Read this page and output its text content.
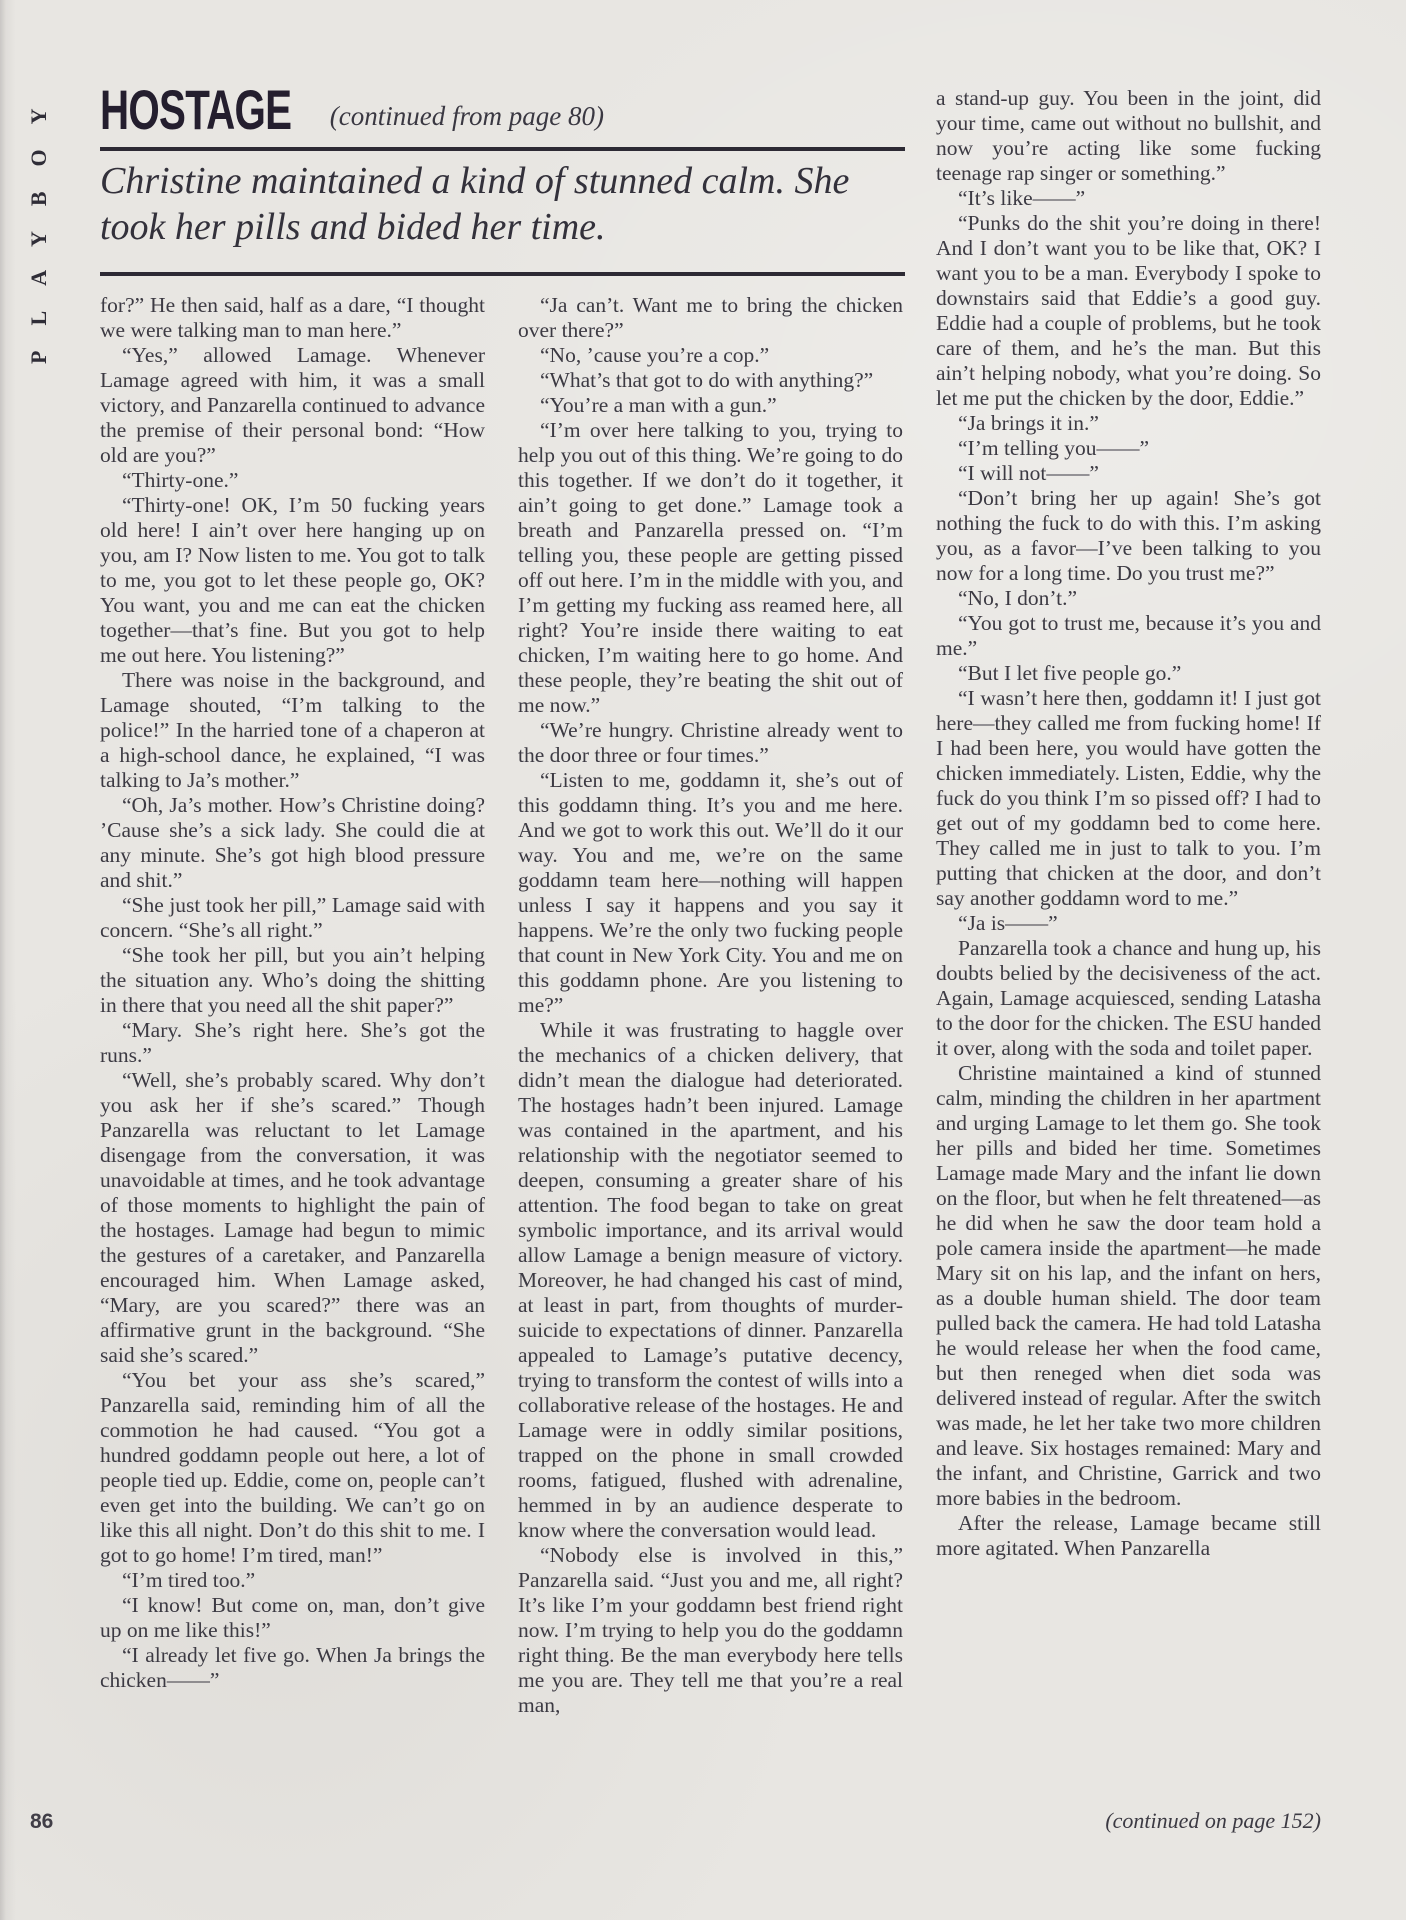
PLAYBOY HOSTAGE (continued from page 80)
Christine maintained a kind of stunned calm. She
took her pills and bided her time.

for?” He then said, half as a dare, “I thought we were talking man to man here.”

“Yes,” allowed Lamage. Whenever Lamage agreed with him, it was a small victory, and Panzarella continued to advance the premise of their personal bond: “How old are you?”

“Thirty-one.”

“Thirty-one! OK, I’m 50 fucking years old here! I ain’t over here hanging up on you, am I? Now listen to me. You got to talk to me, you got to let these people go, OK? You want, you and me can eat the chicken together—that’s fine. But you got to help me out here. You listening?”

There was noise in the background, and Lamage shouted, “I’m talking to the police!” In the harried tone of a chaperon at a high-school dance, he explained, “I was talking to Ja’s mother.”

“Oh, Ja’s mother. How’s Christine doing? ’Cause she’s a sick lady. She could die at any minute. She’s got high blood pressure and shit.”

“She just took her pill,” Lamage said with concern. “She’s all right.”

“She took her pill, but you ain’t helping the situation any. Who’s doing the shitting in there that you need all the shit paper?”

“Mary. She’s right here. She’s got the runs.”

“Well, she’s probably scared. Why don’t you ask her if she’s scared.” Though Panzarella was reluctant to let Lamage disengage from the conversation, it was unavoidable at times, and he took advantage of those moments to highlight the pain of the hostages. Lamage had begun to mimic the gestures of a caretaker, and Panzarella encouraged him. When Lamage asked, “Mary, are you scared?” there was an affirmative grunt in the background. “She said she’s scared.”

“You bet your ass she’s scared,” Panzarella said, reminding him of all the commotion he had caused. “You got a hundred goddamn people out here, a lot of people tied up. Eddie, come on, people can’t even get into the building. We can’t go on like this all night. Don’t do this shit to me. I got to go home! I’m tired, man!”

“I’m tired too.”

“I know! But come on, man, don’t give up on me like this!”

“I already let five go. When Ja brings the chicken——”

“Ja can’t. Want me to bring the chicken over there?”

“No, ’cause you’re a cop.”

“What’s that got to do with anything?”

“You’re a man with a gun.”

“I’m over here talking to you, trying to help you out of this thing. We’re going to do this together. If we don’t do it together, it ain’t going to get done.” Lamage took a breath and Panzarella pressed on. “I’m telling you, these people are getting pissed off out here. I’m in the middle with you, and I’m getting my fucking ass reamed here, all right? You’re inside there waiting to eat chicken, I’m waiting here to go home. And these people, they’re beating the shit out of me now.”

“We’re hungry. Christine already went to the door three or four times.”

“Listen to me, goddamn it, she’s out of this goddamn thing. It’s you and me here. And we got to work this out. We’ll do it our way. You and me, we’re on the same goddamn team here—nothing will happen unless I say it happens and you say it happens. We’re the only two fucking people that count in New York City. You and me on this goddamn phone. Are you listening to me?”

While it was frustrating to haggle over the mechanics of a chicken delivery, that didn’t mean the dialogue had deteriorated. The hostages hadn’t been injured. Lamage was contained in the apartment, and his relationship with the negotiator seemed to deepen, consuming a greater share of his attention. The food began to take on great symbolic importance, and its arrival would allow Lamage a benign measure of victory. Moreover, he had changed his cast of mind, at least in part, from thoughts of murder-suicide to expectations of dinner. Panzarella appealed to Lamage’s putative decency, trying to transform the contest of wills into a collaborative release of the hostages. He and Lamage were in oddly similar positions, trapped on the phone in small crowded rooms, fatigued, flushed with adrenaline, hemmed in by an audience desperate to know where the conversation would lead.

“Nobody else is involved in this,” Panzarella said. “Just you and me, all right? It’s like I’m your goddamn best friend right now. I’m trying to help you do the goddamn right thing. Be the man everybody here tells me you are. They tell me that you’re a real man,

a stand-up guy. You been in the joint, did your time, came out without no bullshit, and now you’re acting like some fucking teenage rap singer or something.”

“It’s like——”

“Punks do the shit you’re doing in there! And I don’t want you to be like that, OK? I want you to be a man. Everybody I spoke to downstairs said that Eddie’s a good guy. Eddie had a couple of problems, but he took care of them, and he’s the man. But this ain’t helping nobody, what you’re doing. So let me put the chicken by the door, Eddie.”

“Ja brings it in.”

“I’m telling you——”

“I will not——”

“Don’t bring her up again! She’s got nothing the fuck to do with this. I’m asking you, as a favor—I’ve been talking to you now for a long time. Do you trust me?”

“No, I don’t.”

“You got to trust me, because it’s you and me.”

“But I let five people go.”

“I wasn’t here then, goddamn it! I just got here—they called me from fucking home! If I had been here, you would have gotten the chicken immediately. Listen, Eddie, why the fuck do you think I’m so pissed off? I had to get out of my goddamn bed to come here. They called me in just to talk to you. I’m putting that chicken at the door, and don’t say another goddamn word to me.”

“Ja is——”

Panzarella took a chance and hung up, his doubts belied by the decisiveness of the act. Again, Lamage acquiesced, sending Latasha to the door for the chicken. The ESU handed it over, along with the soda and toilet paper.

Christine maintained a kind of stunned calm, minding the children in her apartment and urging Lamage to let them go. She took her pills and bided her time. Sometimes Lamage made Mary and the infant lie down on the floor, but when he felt threatened—as he did when he saw the door team hold a pole camera inside the apartment—he made Mary sit on his lap, and the infant on hers, as a double human shield. The door team pulled back the camera. He had told Latasha he would release her when the food came, but then reneged when diet soda was delivered instead of regular. After the switch was made, he let her take two more children and leave. Six hostages remained: Mary and the infant, and Christine, Garrick and two more babies in the bedroom.

After the release, Lamage became still more agitated. When Panzarella

(continued on page 152)
86
